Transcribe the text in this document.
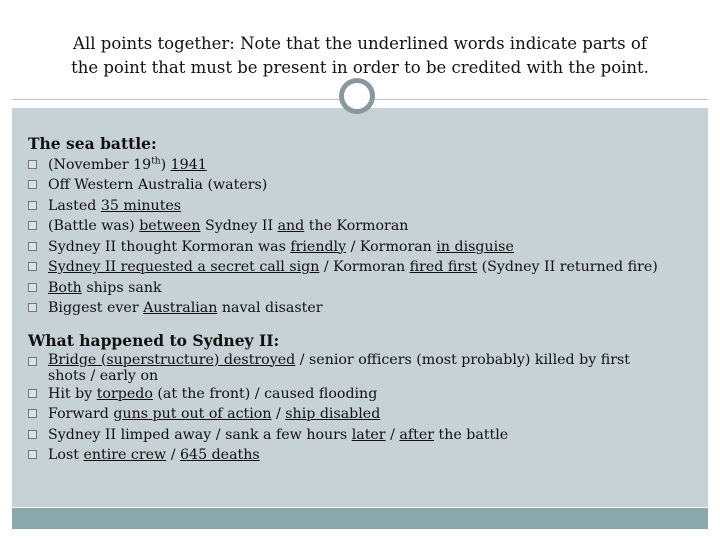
All points together: Note that the underlined words indicate parts of
the point that must be present in order to be credited with the point.
The sea battle:
(November 19th) 1941
Off Western Australia (waters)
Lasted 35 minutes
(Battle was) between Sydney II and the Kormoran
Sydney II thought Kormoran was friendly / Kormoran in disguise
Sydney II requested a secret call sign / Kormoran fired first (Sydney II returned fire)
Both ships sank
Biggest ever Australian naval disaster
What happened to Sydney II:
Bridge (superstructure) destroyed / senior officers (most probably) killed by first
shots / early on
Hit by torpedo (at the front) / caused flooding
Forward guns put out of action / ship disabled
Sydney II limped away / sank a few hours later / after the battle
Lost entire crew / 645 deaths
